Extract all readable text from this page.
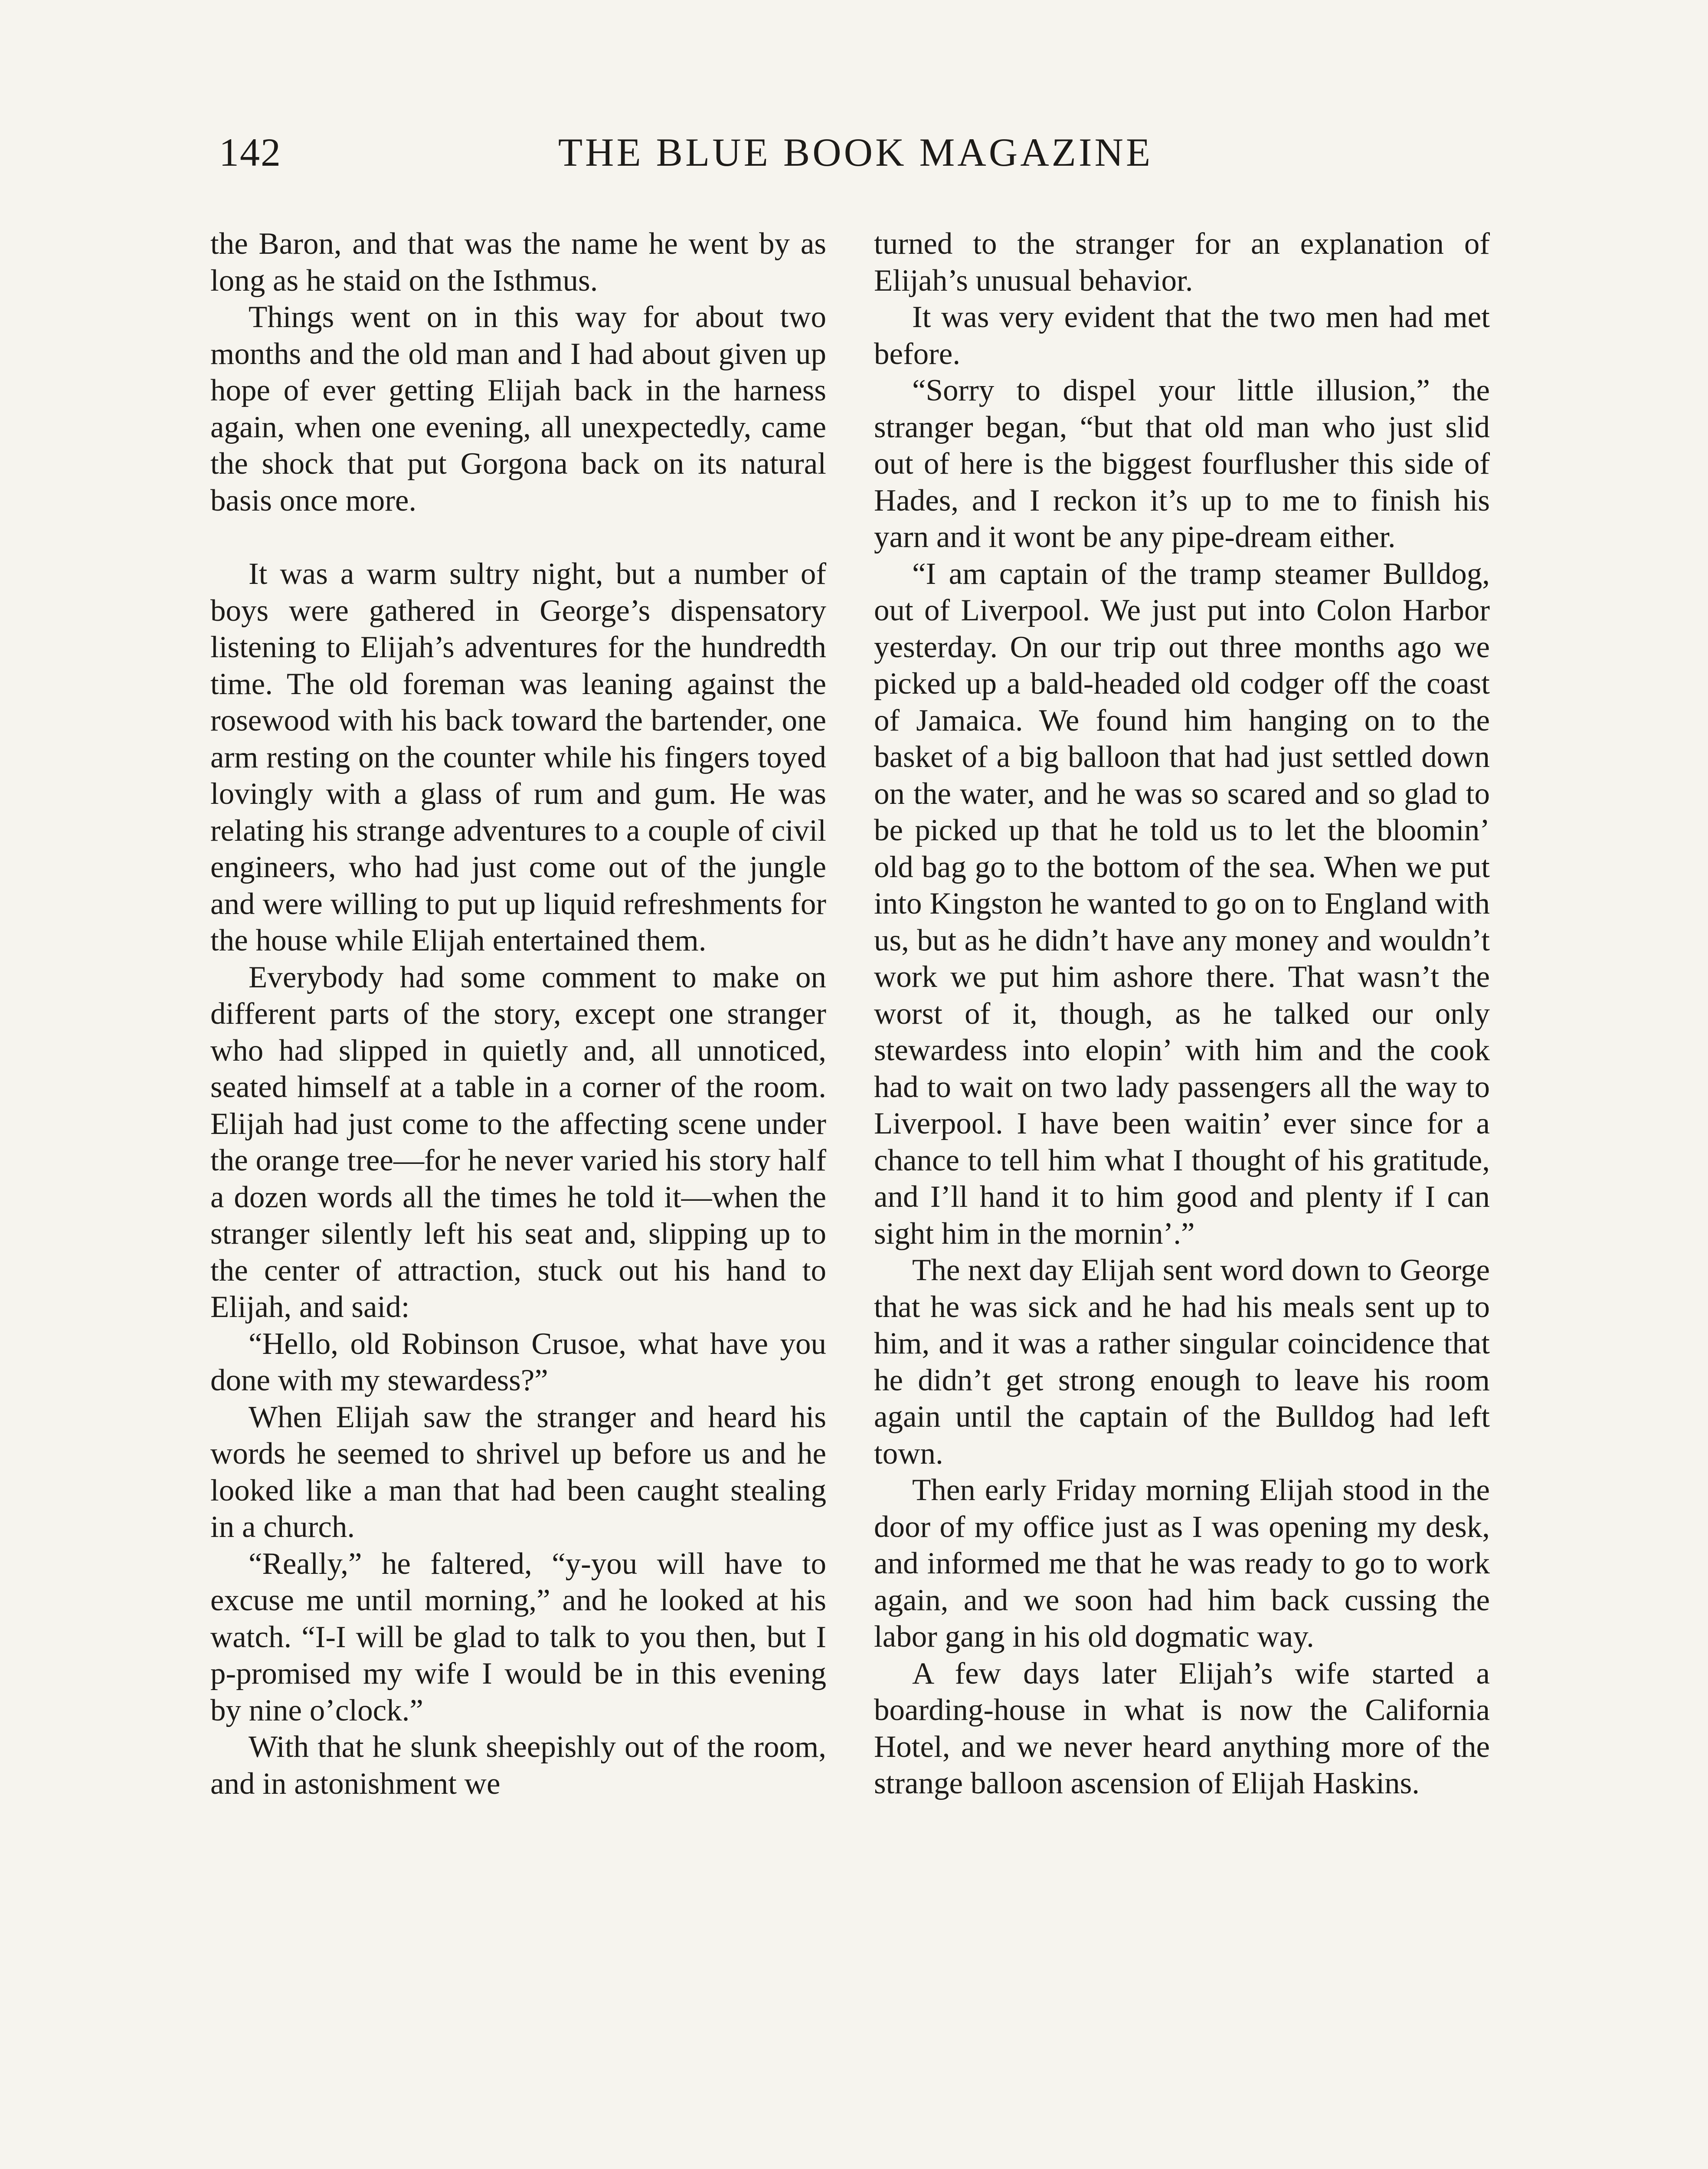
142	THE BLUE BOOK MAGAZINE

the Baron, and that was the name he went by as long as he staid on the Isthmus.

Things went on in this way for about two months and the old man and I had about given up hope of ever getting Elijah back in the harness again, when one evening, all unexpectedly, came the shock that put Gorgona back on its natural basis once more.

It was a warm sultry night, but a number of boys were gathered in George’s dispensatory listening to Elijah’s adventures for the hundredth time. The old foreman was leaning against the rosewood with his back toward the bartender, one arm resting on the counter while his fingers toyed lovingly with a glass of rum and gum. He was relating his strange adventures to a couple of civil engineers, who had just come out of the jungle and were willing to put up liquid refreshments for the house while Elijah entertained them.

Everybody had some comment to make on different parts of the story, except one stranger who had slipped in quietly and, all unnoticed, seated himself at a table in a corner of the room. Elijah had just come to the affecting scene under the orange tree—for he never varied his story half a dozen words all the times he told it—when the stranger silently left his seat and, slipping up to the center of attraction, stuck out his hand to Elijah, and said:

“Hello, old Robinson Crusoe, what have you done with my stewardess?”

When Elijah saw the stranger and heard his words he seemed to shrivel up before us and he looked like a man that had been caught stealing in a church.

“Really,” he faltered, “y-you will have to excuse me until morning,” and he looked at his watch. “I-I will be glad to talk to you then, but I p-promised my wife I would be in this evening by nine o’clock.”

With that he slunk sheepishly out of the room, and in astonishment we

turned to the stranger for an explanation of Elijah’s unusual behavior.

It was very evident that the two men had met before.

“Sorry to dispel your little illusion,” the stranger began, “but that old man who just slid out of here is the biggest fourflusher this side of Hades, and I reckon it’s up to me to finish his yarn and it wont be any pipe-dream either.

“I am captain of the tramp steamer Bulldog, out of Liverpool. We just put into Colon Harbor yesterday. On our trip out three months ago we picked up a bald-headed old codger off the coast of Jamaica. We found him hanging on to the basket of a big balloon that had just settled down on the water, and he was so scared and so glad to be picked up that he told us to let the bloomin’ old bag go to the bottom of the sea. When we put into Kingston he wanted to go on to England with us, but as he didn’t have any money and wouldn’t work we put him ashore there. That wasn’t the worst of it, though, as he talked our only stewardess into elopin’ with him and the cook had to wait on two lady passengers all the way to Liverpool. I have been waitin’ ever since for a chance to tell him what I thought of his gratitude, and I’ll hand it to him good and plenty if I can sight him in the mornin’.”

The next day Elijah sent word down to George that he was sick and he had his meals sent up to him, and it was a rather singular coincidence that he didn’t get strong enough to leave his room again until the captain of the Bulldog had left town.

Then early Friday morning Elijah stood in the door of my office just as I was opening my desk, and informed me that he was ready to go to work again, and we soon had him back cussing the labor gang in his old dogmatic way.

A few days later Elijah’s wife started a boarding-house in what is now the California Hotel, and we never heard anything more of the strange balloon ascension of Elijah Haskins.
